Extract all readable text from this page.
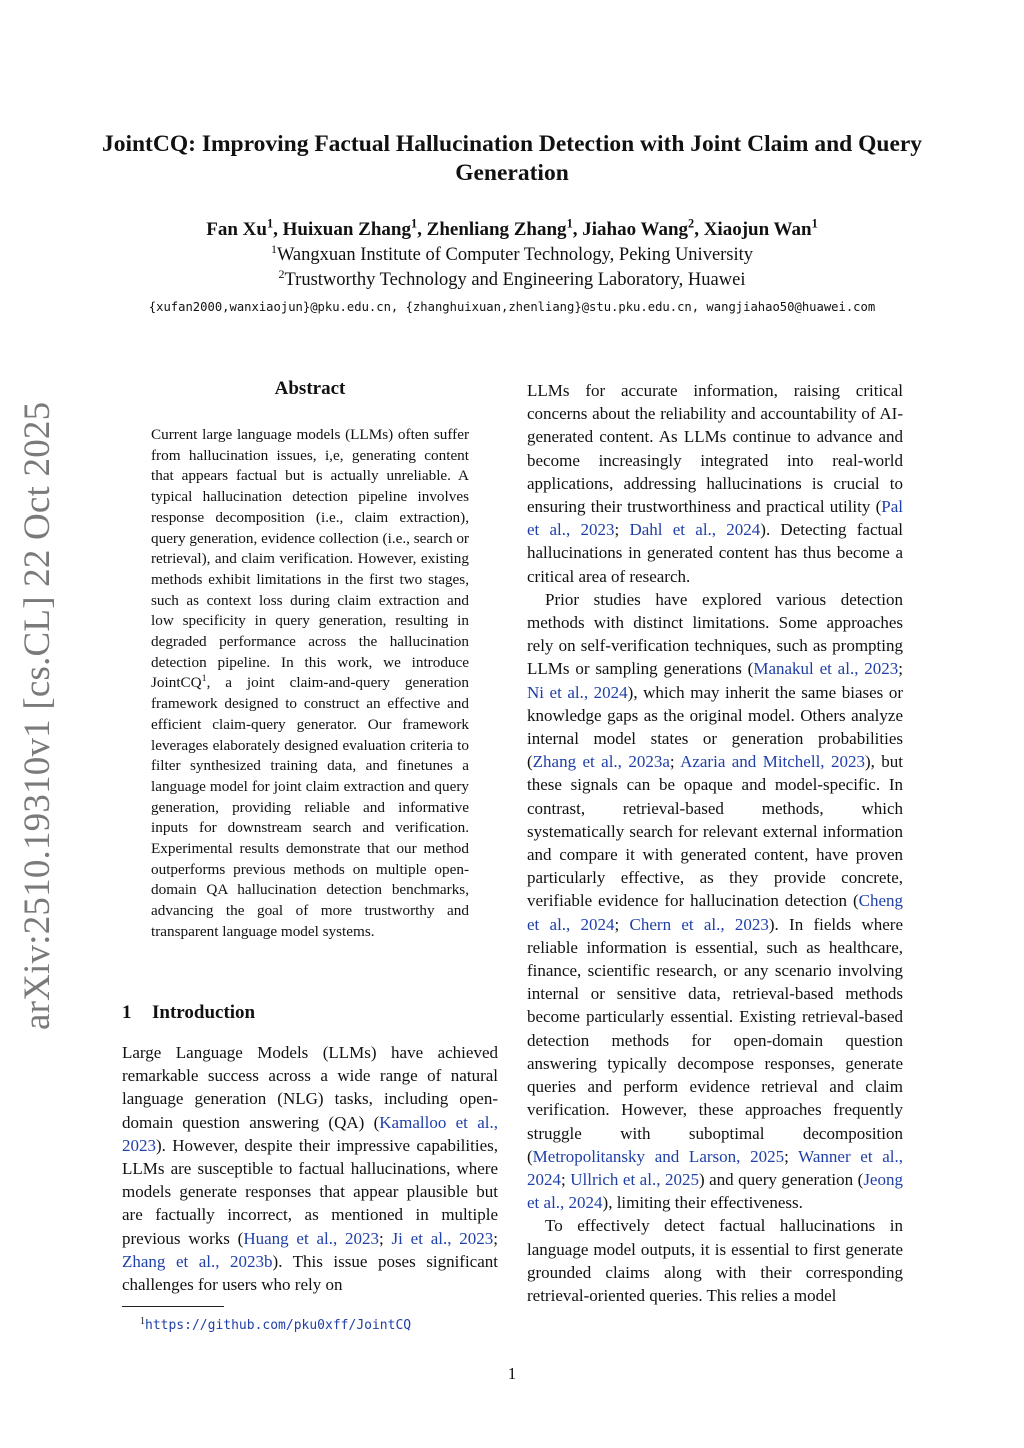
arXiv:2510.19310v1 [cs.CL] 22 Oct 2025
JointCQ: Improving Factual Hallucination Detection with Joint Claim and Query Generation
Fan Xu$^1$, Huixuan Zhang$^1$, Zhenliang Zhang$^1$, Jiahao Wang$^2$, Xiaojun Wan$^1$
$^1$Wangxuan Institute of Computer Technology, Peking University
$^2$Trustworthy Technology and Engineering Laboratory, Huawei
{xufan2000,wanxiaojun}@pku.edu.cn, {zhanghuixuan,zhenliang}@stu.pku.edu.cn, wangjiahao50@huawei.com
Abstract
Current large language models (LLMs) often suffer from hallucination issues, i,e, generating content that appears factual but is actually unreliable. A typical hallucination detection pipeline involves response decomposition (i.e., claim extraction), query generation, evidence collection (i.e., search or retrieval), and claim verification. However, existing methods exhibit limitations in the first two stages, such as context loss during claim extraction and low specificity in query generation, resulting in degraded performance across the hallucination detection pipeline. In this work, we introduce JointCQ$^1$, a joint claim-and-query generation framework designed to construct an effective and efficient claim-query generator. Our framework leverages elaborately designed evaluation criteria to filter synthesized training data, and finetunes a language model for joint claim extraction and query generation, providing reliable and informative inputs for downstream search and verification. Experimental results demonstrate that our method outperforms previous methods on multiple open-domain QA hallucination detection benchmarks, advancing the goal of more trustworthy and transparent language model systems.
1 Introduction

Large Language Models (LLMs) have achieved remarkable success across a wide range of natural language generation (NLG) tasks, including open-domain question answering (QA) (Kamalloo et al., 2023). However, despite their impressive capabilities, LLMs are susceptible to factual hallucinations, where models generate responses that appear plausible but are factually incorrect, as mentioned in multiple previous works (Huang et al., 2023; Ji et al., 2023; Zhang et al., 2023b). This issue poses significant challenges for users who rely on

LLMs for accurate information, raising critical concerns about the reliability and accountability of AI-generated content. As LLMs continue to advance and become increasingly integrated into real-world applications, addressing hallucinations is crucial to ensuring their trustworthiness and practical utility (Pal et al., 2023; Dahl et al., 2024). Detecting factual hallucinations in generated content has thus become a critical area of research.

Prior studies have explored various detection methods with distinct limitations. Some approaches rely on self-verification techniques, such as prompting LLMs or sampling generations (Manakul et al., 2023; Ni et al., 2024), which may inherit the same biases or knowledge gaps as the original model. Others analyze internal model states or generation probabilities (Zhang et al., 2023a; Azaria and Mitchell, 2023), but these signals can be opaque and model-specific. In contrast, retrieval-based methods, which systematically search for relevant external information and compare it with generated content, have proven particularly effective, as they provide concrete, verifiable evidence for hallucination detection (Cheng et al., 2024; Chern et al., 2023). In fields where reliable information is essential, such as healthcare, finance, scientific research, or any scenario involving internal or sensitive data, retrieval-based methods become particularly essential. Existing retrieval-based detection methods for open-domain question answering typically decompose responses, generate queries and perform evidence retrieval and claim verification. However, these approaches frequently struggle with suboptimal decomposition (Metropolitansky and Larson, 2025; Wanner et al., 2024; Ullrich et al., 2025) and query generation (Jeong et al., 2024), limiting their effectiveness.

To effectively detect factual hallucinations in language model outputs, it is essential to first generate grounded claims along with their corresponding retrieval-oriented queries. This relies a model

$^1$https://github.com/pku0xff/JointCQ
1
